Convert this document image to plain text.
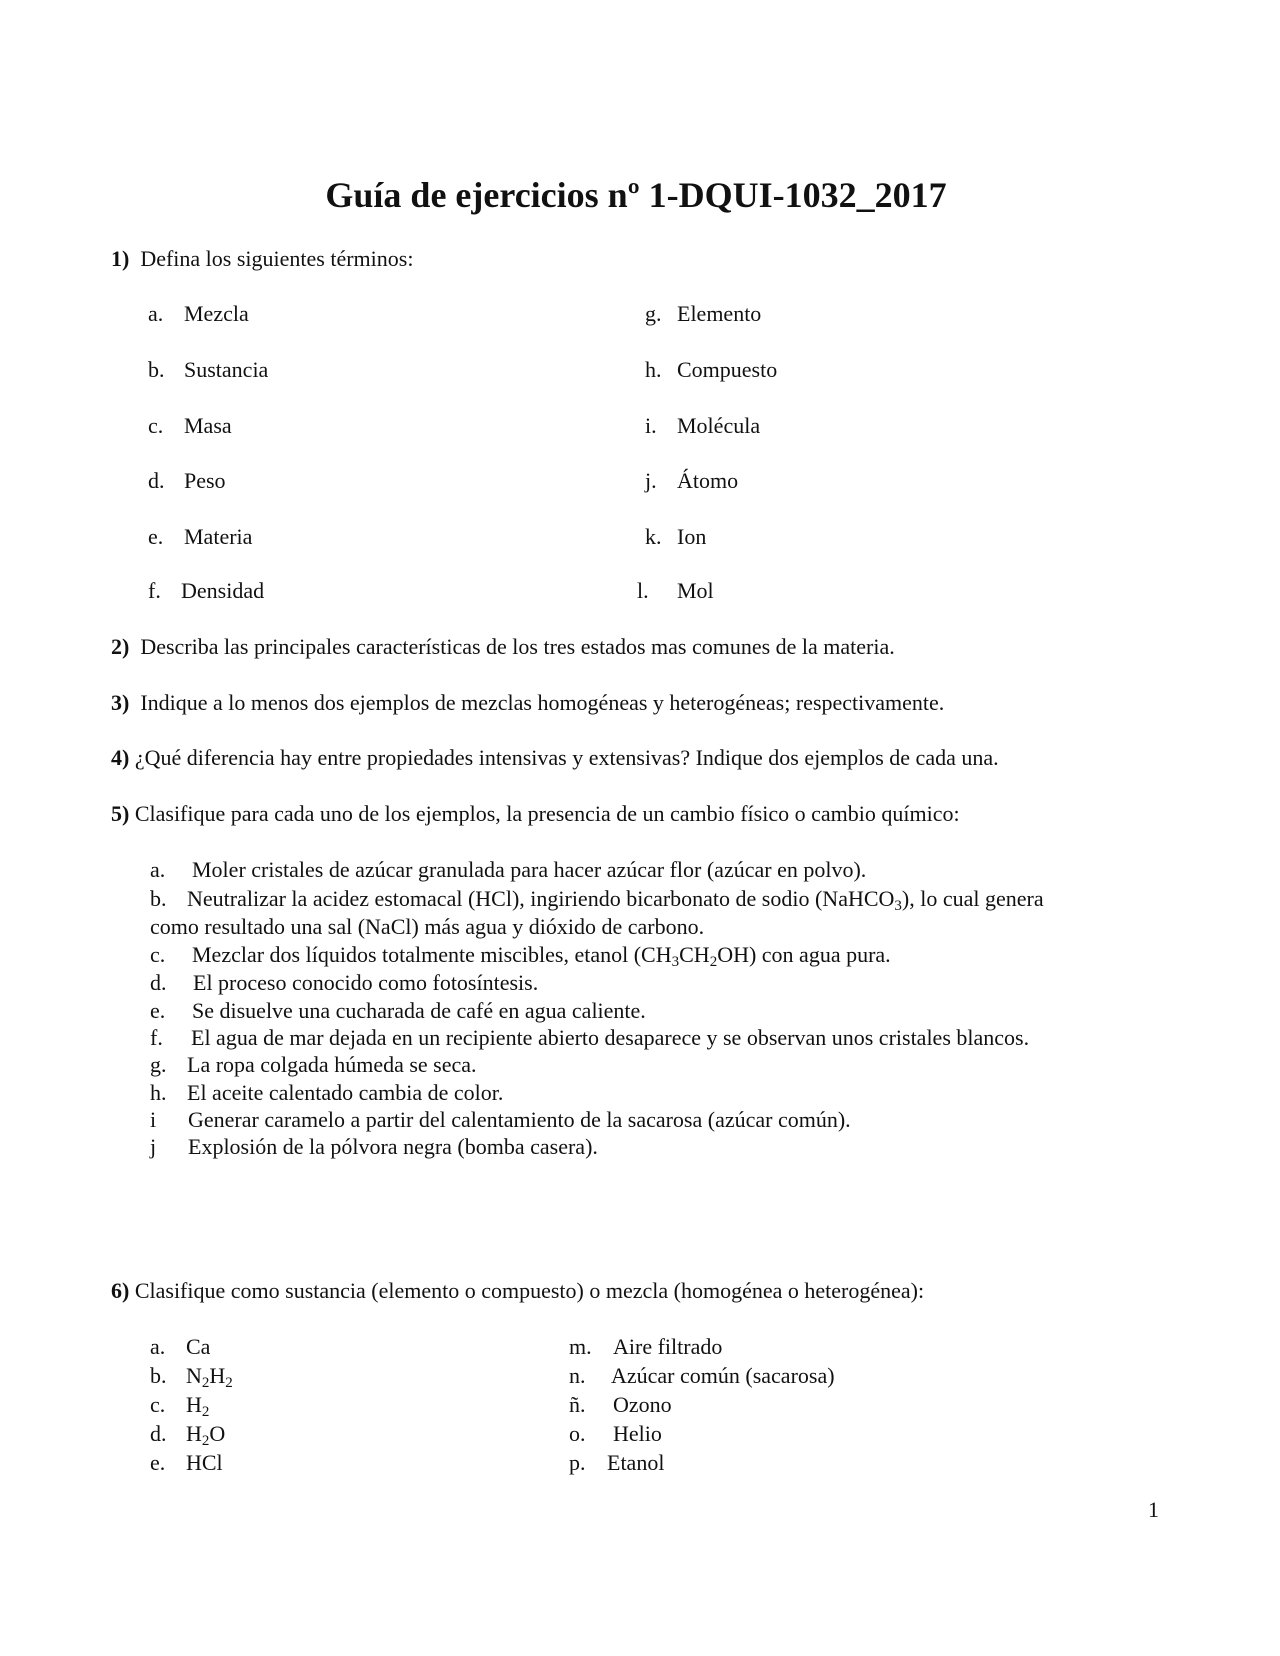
Guía de ejercicios nº 1-DQUI-1032_2017
1) Defina los siguientes términos:
a. Mezcla
b. Sustancia
c. Masa
d. Peso
e. Materia
f. Densidad
g. Elemento
h. Compuesto
i. Molécula
j. Átomo
k. Ion
l. Mol
2) Describa las principales características de los tres estados mas comunes de la materia.
3) Indique a lo menos dos ejemplos de mezclas homogéneas y heterogéneas; respectivamente.
4) ¿Qué diferencia hay entre propiedades intensivas y extensivas? Indique dos ejemplos de cada una.
5) Clasifique para cada uno de los ejemplos, la presencia de un cambio físico o cambio químico:
a. Moler cristales de azúcar granulada para hacer azúcar flor (azúcar en polvo).
b. Neutralizar la acidez estomacal (HCl), ingiriendo bicarbonato de sodio (NaHCO$_3$), lo cual genera
como resultado una sal (NaCl) más agua y dióxido de carbono.
c. Mezclar dos líquidos totalmente miscibles, etanol $(CH_3CH_2OH)$ con agua pura.
d. El proceso conocido como fotosíntesis.
e. Se disuelve una cucharada de café en agua caliente.
f. El agua de mar dejada en un recipiente abierto desaparece y se observan unos cristales blancos.
g. La ropa colgada húmeda se seca.
h. El aceite calentado cambia de color.
i Generar caramelo a partir del calentamiento de la sacarosa (azúcar común).
j Explosión de la pólvora negra (bomba casera).
6) Clasifique como sustancia (elemento o compuesto) o mezcla (homogénea o heterogénea):
a. Ca
b. $N_2H_2$
c. $H_2$
d. $H_2O$
e. HCl
m. Aire filtrado
n. Azúcar común (sacarosa)
ñ. Ozono
o. Helio
p. Etanol
1
